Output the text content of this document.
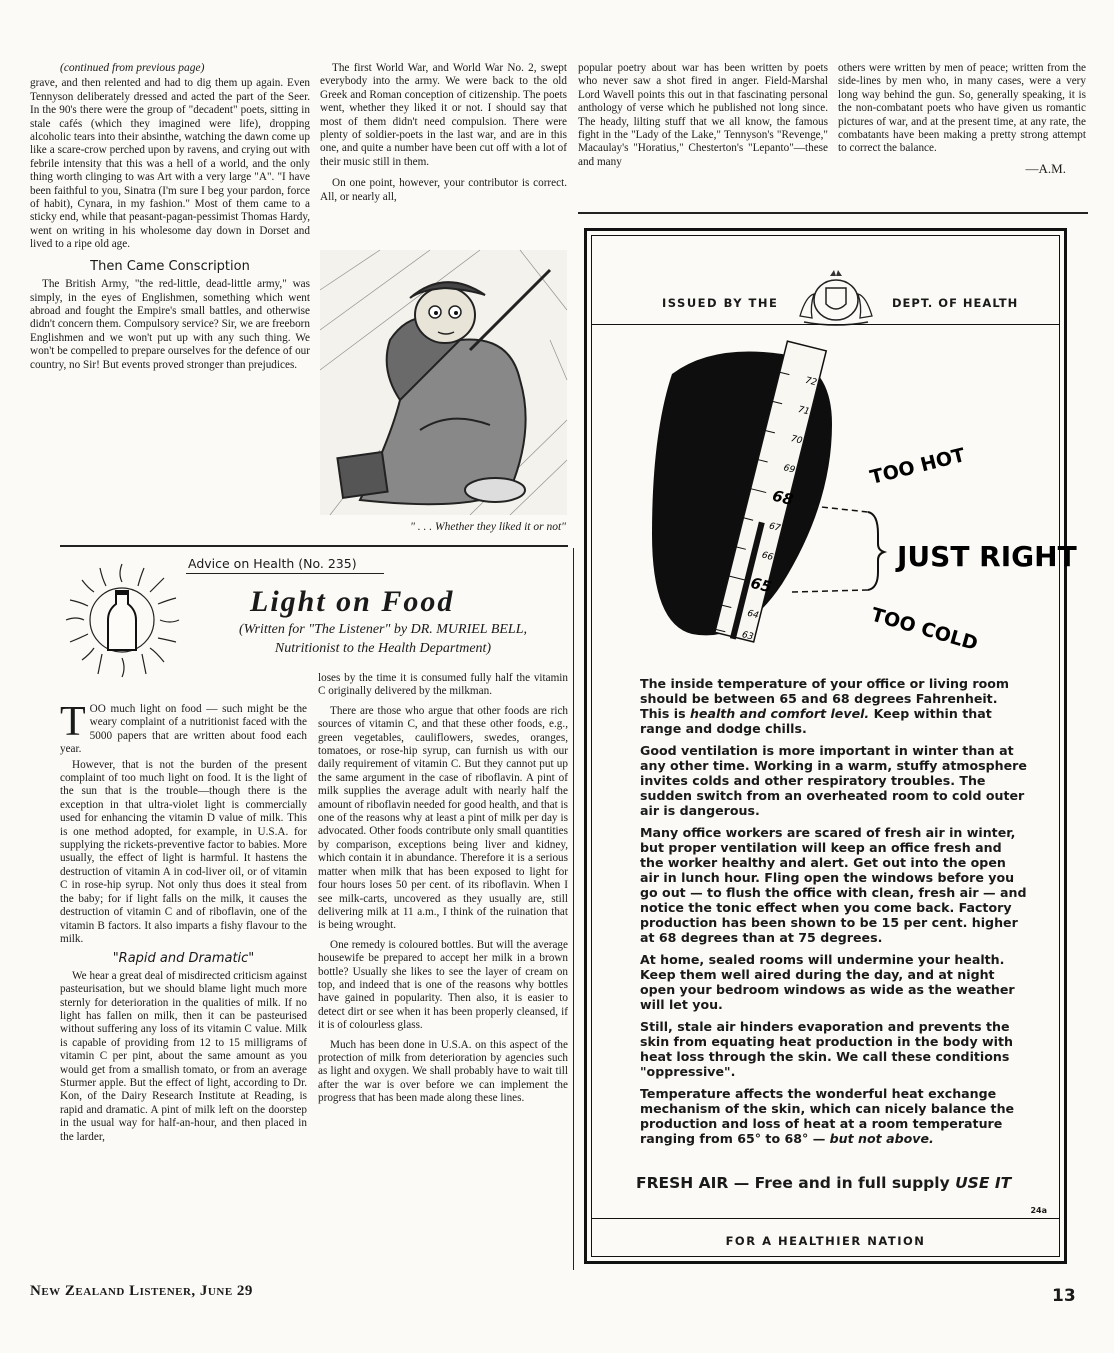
(continued from previous page)

grave, and then relented and had to dig them up again. Even Tennyson deliberately dressed and acted the part of the Seer. In the 90's there were the group of "decadent" poets, sitting in stale cafés (which they imagined were life), dropping alcoholic tears into their absinthe, watching the dawn come up like a scare-crow perched upon by ravens, and crying out with febrile intensity that this was a hell of a world, and the only thing worth clinging to was Art with a very large "A". "I have been faithful to you, Sinatra (I'm sure I beg your pardon, force of habit), Cynara, in my fashion." Most of them came to a sticky end, while that peasant-pagan-pessimist Thomas Hardy, went on writing in his wholesome day down in Dorset and lived to a ripe old age.

Then Came Conscription

The British Army, "the red-little, dead-little army," was simply, in the eyes of Englishmen, something which went abroad and fought the Empire's small battles, and otherwise didn't concern them. Compulsory service? Sir, we are freeborn Englishmen and we won't put up with any such thing. We won't be compelled to prepare ourselves for the defence of our country, no Sir! But events proved stronger than prejudices.

The first World War, and World War No. 2, swept everybody into the army. We were back to the old Greek and Roman conception of citizenship. The poets went, whether they liked it or not. I should say that most of them didn't need compulsion. There were plenty of soldier-poets in the last war, and are in this one, and quite a number have been cut off with a lot of their music still in them.

On one point, however, your contributor is correct. All, or nearly all,

popular poetry about war has been written by poets who never saw a shot fired in anger. Field-Marshal Lord Wavell points this out in that fascinating personal anthology of verse which he published not long since. The heady, lilting stuff that we all know, the famous fight in the "Lady of the Lake," Tennyson's "Revenge," Macaulay's "Horatius," Chesterton's "Lepanto"—these and many

others were written by men of peace; written from the side-lines by men who, in many cases, were a very long way behind the gun. So, generally speaking, it is the non-combatant poets who have given us romantic pictures of war, and at the present time, at any rate, the combatants have been making a pretty strong attempt to correct the balance.

—A.M.
" . . . Whether they liked it or not"
Advice on Health (No. 235)
Light on Food
(Written for "The Listener" by DR. MURIEL BELL,
Nutritionist to the Health Department)

TOO much light on food — such might be the weary complaint of a nutritionist faced with the 5000 papers that are written about food each year.

However, that is not the burden of the present complaint of too much light on food. It is the light of the sun that is the trouble—though there is the exception in that ultra-violet light is commercially used for enhancing the vitamin D value of milk. This is one method adopted, for example, in U.S.A. for supplying the rickets-preventive factor to babies. More usually, the effect of light is harmful. It hastens the destruction of vitamin A in cod-liver oil, or of vitamin C in rose-hip syrup. Not only thus does it steal from the baby; for if light falls on the milk, it causes the destruction of vitamin C and of riboflavin, one of the vitamin B factors. It also imparts a fishy flavour to the milk.

"Rapid and Dramatic"

We hear a great deal of misdirected criticism against pasteurisation, but we should blame light much more sternly for deterioration in the qualities of milk. If no light has fallen on milk, then it can be pasteurised without suffering any loss of its vitamin C value. Milk is capable of providing from 12 to 15 milligrams of vitamin C per pint, about the same amount as you would get from a smallish tomato, or from an average Sturmer apple. But the effect of light, according to Dr. Kon, of the Dairy Research Institute at Reading, is rapid and dramatic. A pint of milk left on the doorstep in the usual way for half-an-hour, and then placed in the larder,

loses by the time it is consumed fully half the vitamin C originally delivered by the milkman.

There are those who argue that other foods are rich sources of vitamin C, and that these other foods, e.g., green vegetables, cauliflowers, swedes, oranges, tomatoes, or rose-hip syrup, can furnish us with our daily requirement of vitamin C. But they cannot put up the same argument in the case of riboflavin. A pint of milk supplies the average adult with nearly half the amount of riboflavin needed for good health, and that is one of the reasons why at least a pint of milk per day is advocated. Other foods contribute only small quantities by comparison, exceptions being liver and kidney, which contain it in abundance. Therefore it is a serious matter when milk that has been exposed to light for four hours loses 50 per cent. of its riboflavin. When I see milk-carts, uncovered as they usually are, still delivering milk at 11 a.m., I think of the ruination that is being wrought.

One remedy is coloured bottles. But will the average housewife be prepared to accept her milk in a brown bottle? Usually she likes to see the layer of cream on top, and indeed that is one of the reasons why bottles have gained in popularity. Then also, it is easier to detect dirt or see when it has been properly cleansed, if it is of colourless glass.

Much has been done in U.S.A. on this aspect of the protection of milk from deterioration by agencies such as light and oxygen. We shall probably have to wait till after the war is over before we can implement the progress that has been made along these lines.

ISSUED BY THE	DEPT. OF HEALTH
72
71
70
69
68
67
66
65
64
63
TOO HOT
JUST RIGHT
TOO COLD

The inside temperature of your office or living room should be between 65 and 68 degrees Fahrenheit. This is health and comfort level. Keep within that range and dodge chills.

Good ventilation is more important in winter than at any other time. Working in a warm, stuffy atmosphere invites colds and other respiratory troubles. The sudden switch from an overheated room to cold outer air is dangerous.

Many office workers are scared of fresh air in winter, but proper ventilation will keep an office fresh and the worker healthy and alert. Get out into the open air in lunch hour. Fling open the windows before you go out — to flush the office with clean, fresh air — and notice the tonic effect when you come back. Factory production has been shown to be 15 per cent. higher at 68 degrees than at 75 degrees.

At home, sealed rooms will undermine your health. Keep them well aired during the day, and at night open your bedroom windows as wide as the weather will let you.

Still, stale air hinders evaporation and prevents the skin from equating heat production in the body with heat loss through the skin. We call these conditions "oppressive".

Temperature affects the wonderful heat exchange mechanism of the skin, which can nicely balance the production and loss of heat at a room temperature ranging from 65° to 68° — but not above.

FRESH AIR — Free and in full supply USE IT
24a
FOR A HEALTHIER NATION
New Zealand Listener, June 29	13
